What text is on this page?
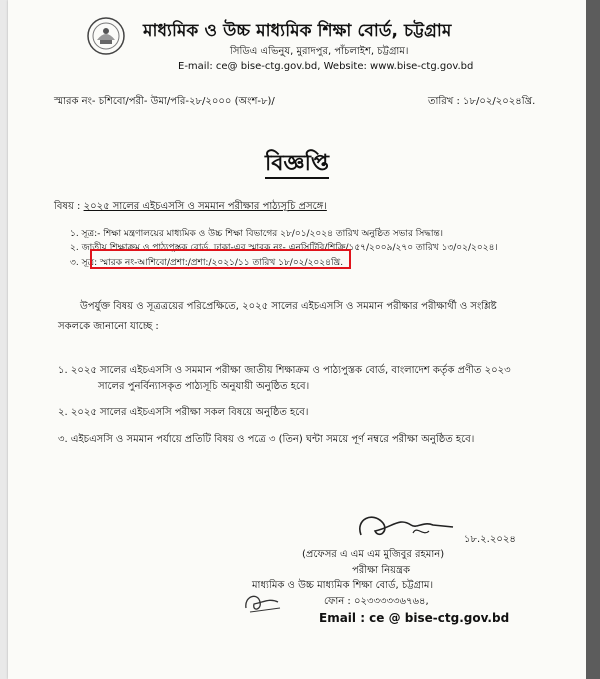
মাধ্যমিক ও উচ্চ মাধ্যমিক শিক্ষা বোর্ড, চট্টগ্রাম
সিডিএ এভিনু্য, মুরাদপুর, পাঁচলাইশ, চট্টগ্রাম।
E-mail: ce@ bise-ctg.gov.bd, Website: www.bise-ctg.gov.bd
স্মারক নং- চশিবো/পরী- উমা/পরি-২৮/২০০০ (অংশ-৮)/	তারিখ : ১৮/০২/২০২৪খ্রি.
বিজ্ঞপ্তি
বিষয় : ২০২৫ সালের এইচএসসি ও সমমান পরীক্ষার পাঠ্যসূচি প্রসঙ্গে।
১. সূত্র:- শিক্ষা মন্ত্রণালয়ের মাধ্যমিক ও উচ্চ শিক্ষা বিভাগের ২৮/০১/২০২৪ তারিখ অনুষ্ঠিত সভার সিদ্ধান্ত।
২. জাতীয় শিক্ষাক্রম ও পাঠ্যপুস্তক বোর্ড, ঢাকা-এর স্মারক নং- এনসিটিবি/শিক্রি/১৫৭/২০০৯/২৭০ তারিখ ১৩/০২/২০২৪।
৩. সূত্র: স্মারক নং-আশিবো/প্রশা:/প্রশা:/২০২১/১১ তারিখ ১৮/০২/২০২৪খ্রি.
উপর্যুক্ত বিষয় ও সূত্রত্রয়ের পরিপ্রেক্ষিতে, ২০২৫ সালের এইচএসসি ও সমমান পরীক্ষার পরীক্ষার্থী ও সংশ্লিষ্ট
সকলকে জানানো যাচ্ছে :
১. ২০২৫ সালের এইচএসসি ও সমমান পরীক্ষা জাতীয় শিক্ষাক্রম ও পাঠ্যপুস্তক বোর্ড, বাংলাদেশ কর্তৃক প্রণীত ২০২৩
সালের পুনর্বিন্যাসকৃত পাঠ্যসূচি অনুযায়ী অনুষ্ঠিত হবে।
২. ২০২৫ সালের এইচএসসি পরীক্ষা সকল বিষয়ে অনুষ্ঠিত হবে।
৩. এইচএসসি ও সমমান পর্যায়ে প্রতিটি বিষয় ও পত্রে ৩ (তিন) ঘন্টা সময়ে পূর্ণ নম্বরে পরীক্ষা অনুষ্ঠিত হবে।
১৮.২.২০২৪
(প্রফেসর এ এম এম মুজিবুর রহমান)
পরীক্ষা নিয়ন্ত্রক
মাধ্যমিক ও উচ্চ মাধ্যমিক শিক্ষা বোর্ড, চট্টগ্রাম।
ফোন : ০২৩৩৩৩৩৬৭৬৪,
Email : ce @ bise-ctg.gov.bd
